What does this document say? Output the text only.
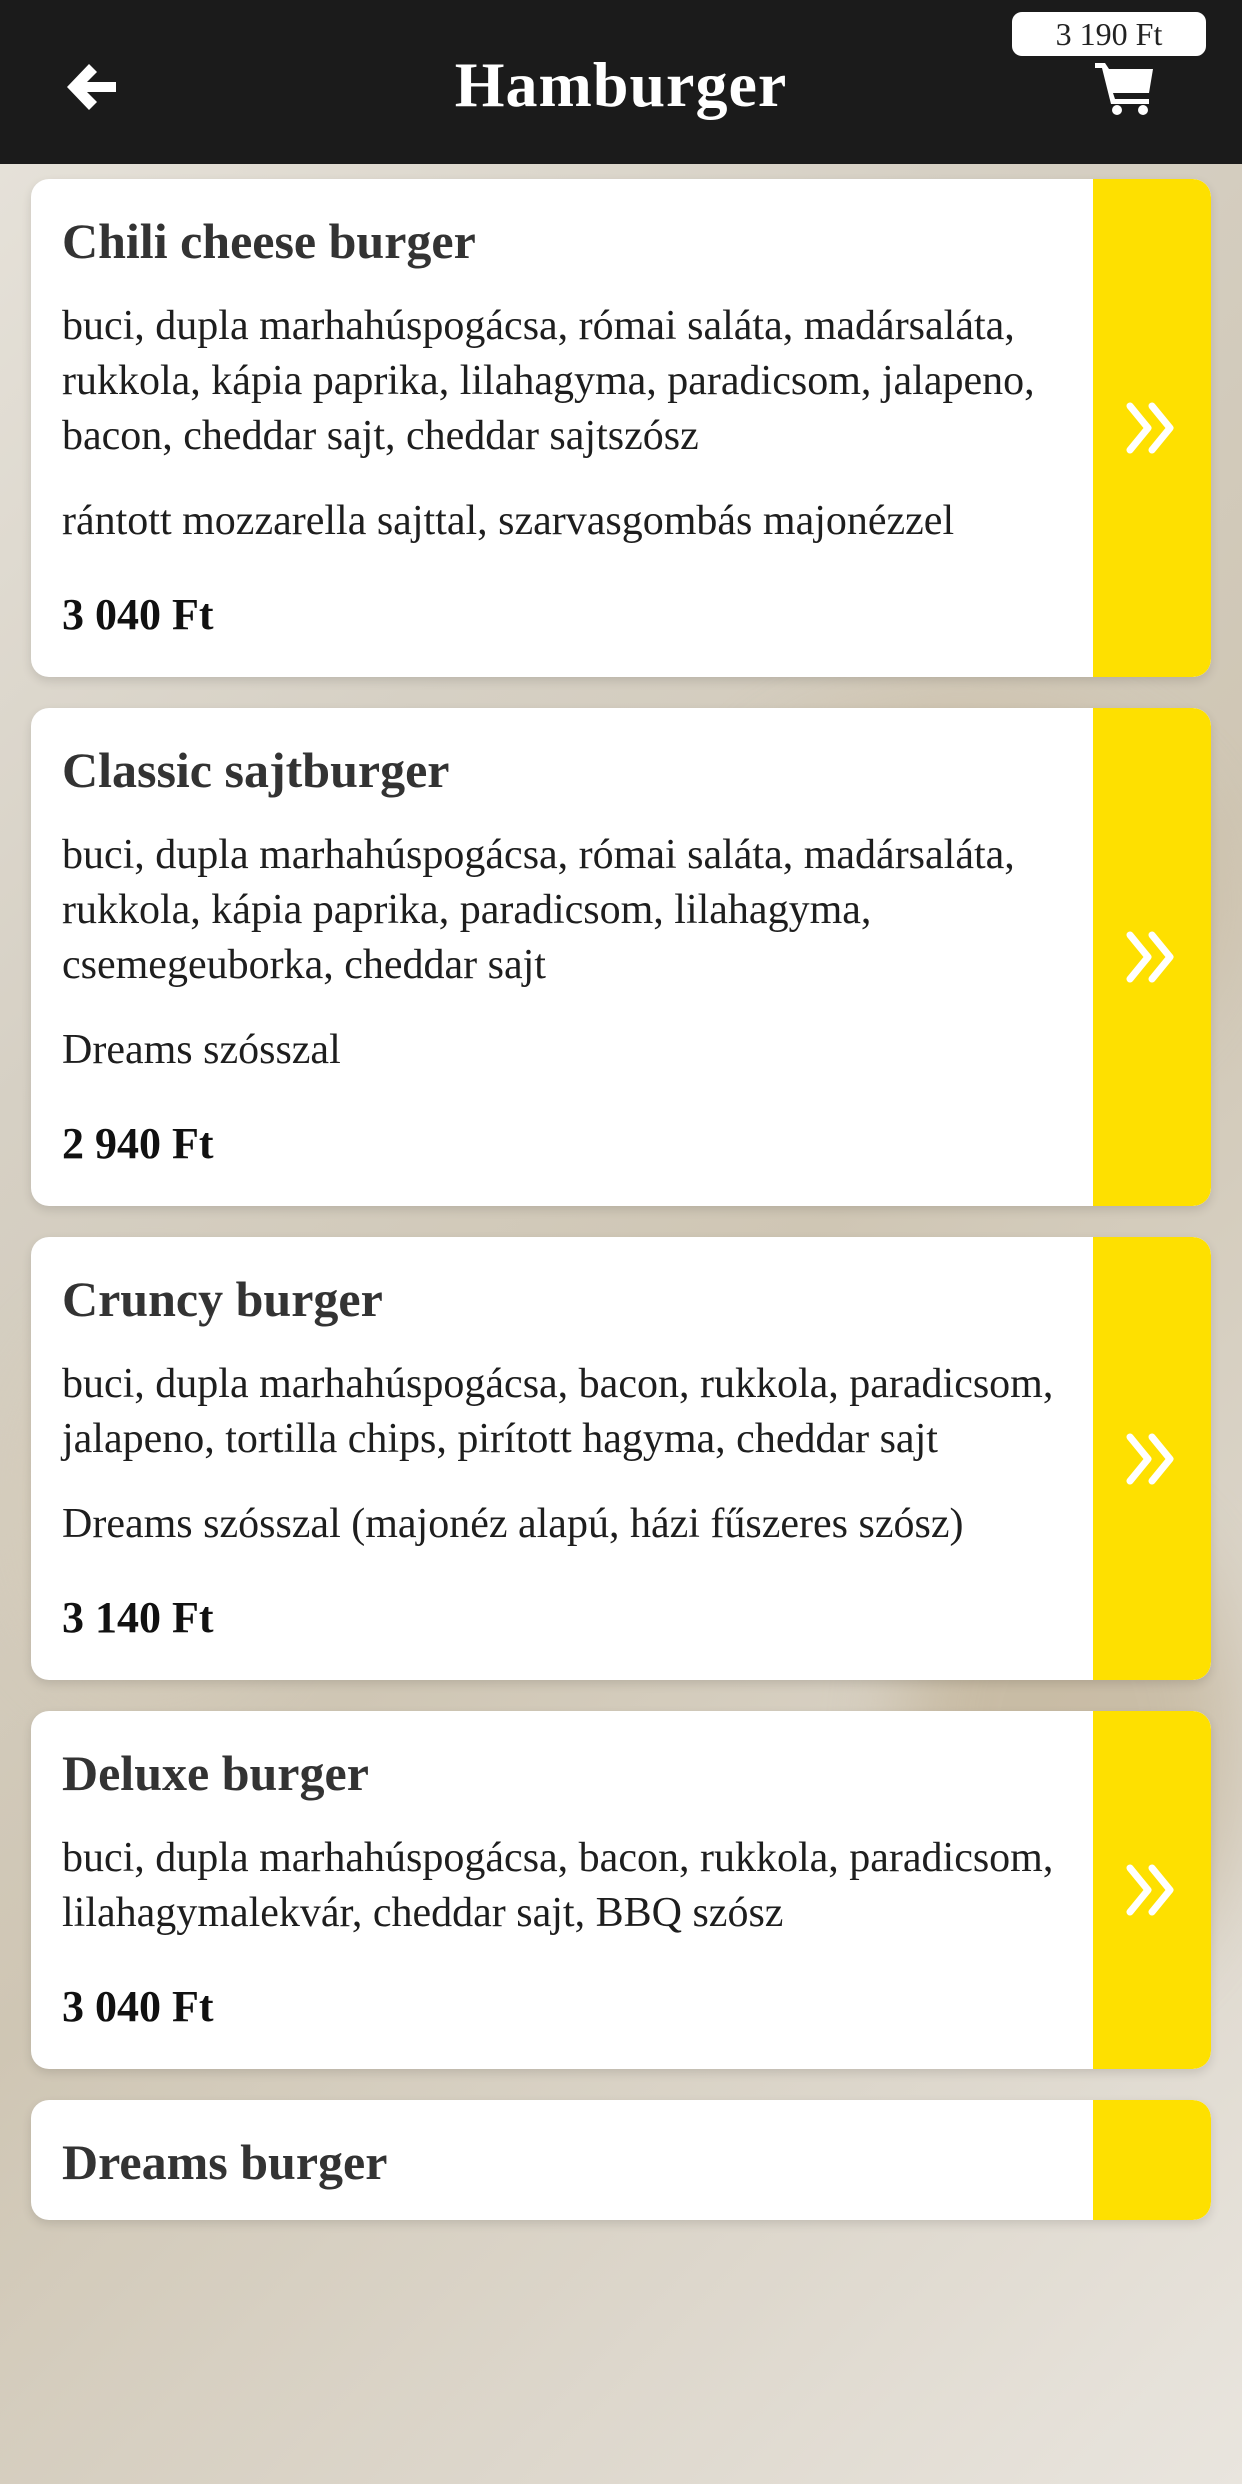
Hamburger
3 190 Ft
Chili cheese burger
buci, dupla marhahúspogácsa, római saláta, madársaláta, rukkola, kápia paprika, lilahagyma, paradicsom, jalapeno, bacon, cheddar sajt, cheddar sajtszósz
rántott mozzarella sajttal, szarvasgombás majonézzel
3 040 Ft
Classic sajtburger
buci, dupla marhahúspogácsa, római saláta, madársaláta, rukkola, kápia paprika, paradicsom, lilahagyma, csemegeuborka, cheddar sajt
Dreams szósszal
2 940 Ft
Cruncy burger
buci, dupla marhahúspogácsa, bacon, rukkola, paradicsom, jalapeno, tortilla chips, pirított hagyma, cheddar sajt
Dreams szósszal (majonéz alapú, házi fűszeres szósz)
3 140 Ft
Deluxe burger
buci, dupla marhahúspogácsa, bacon, rukkola, paradicsom, lilahagymalekvár, cheddar sajt, BBQ szósz
3 040 Ft
Dreams burger
